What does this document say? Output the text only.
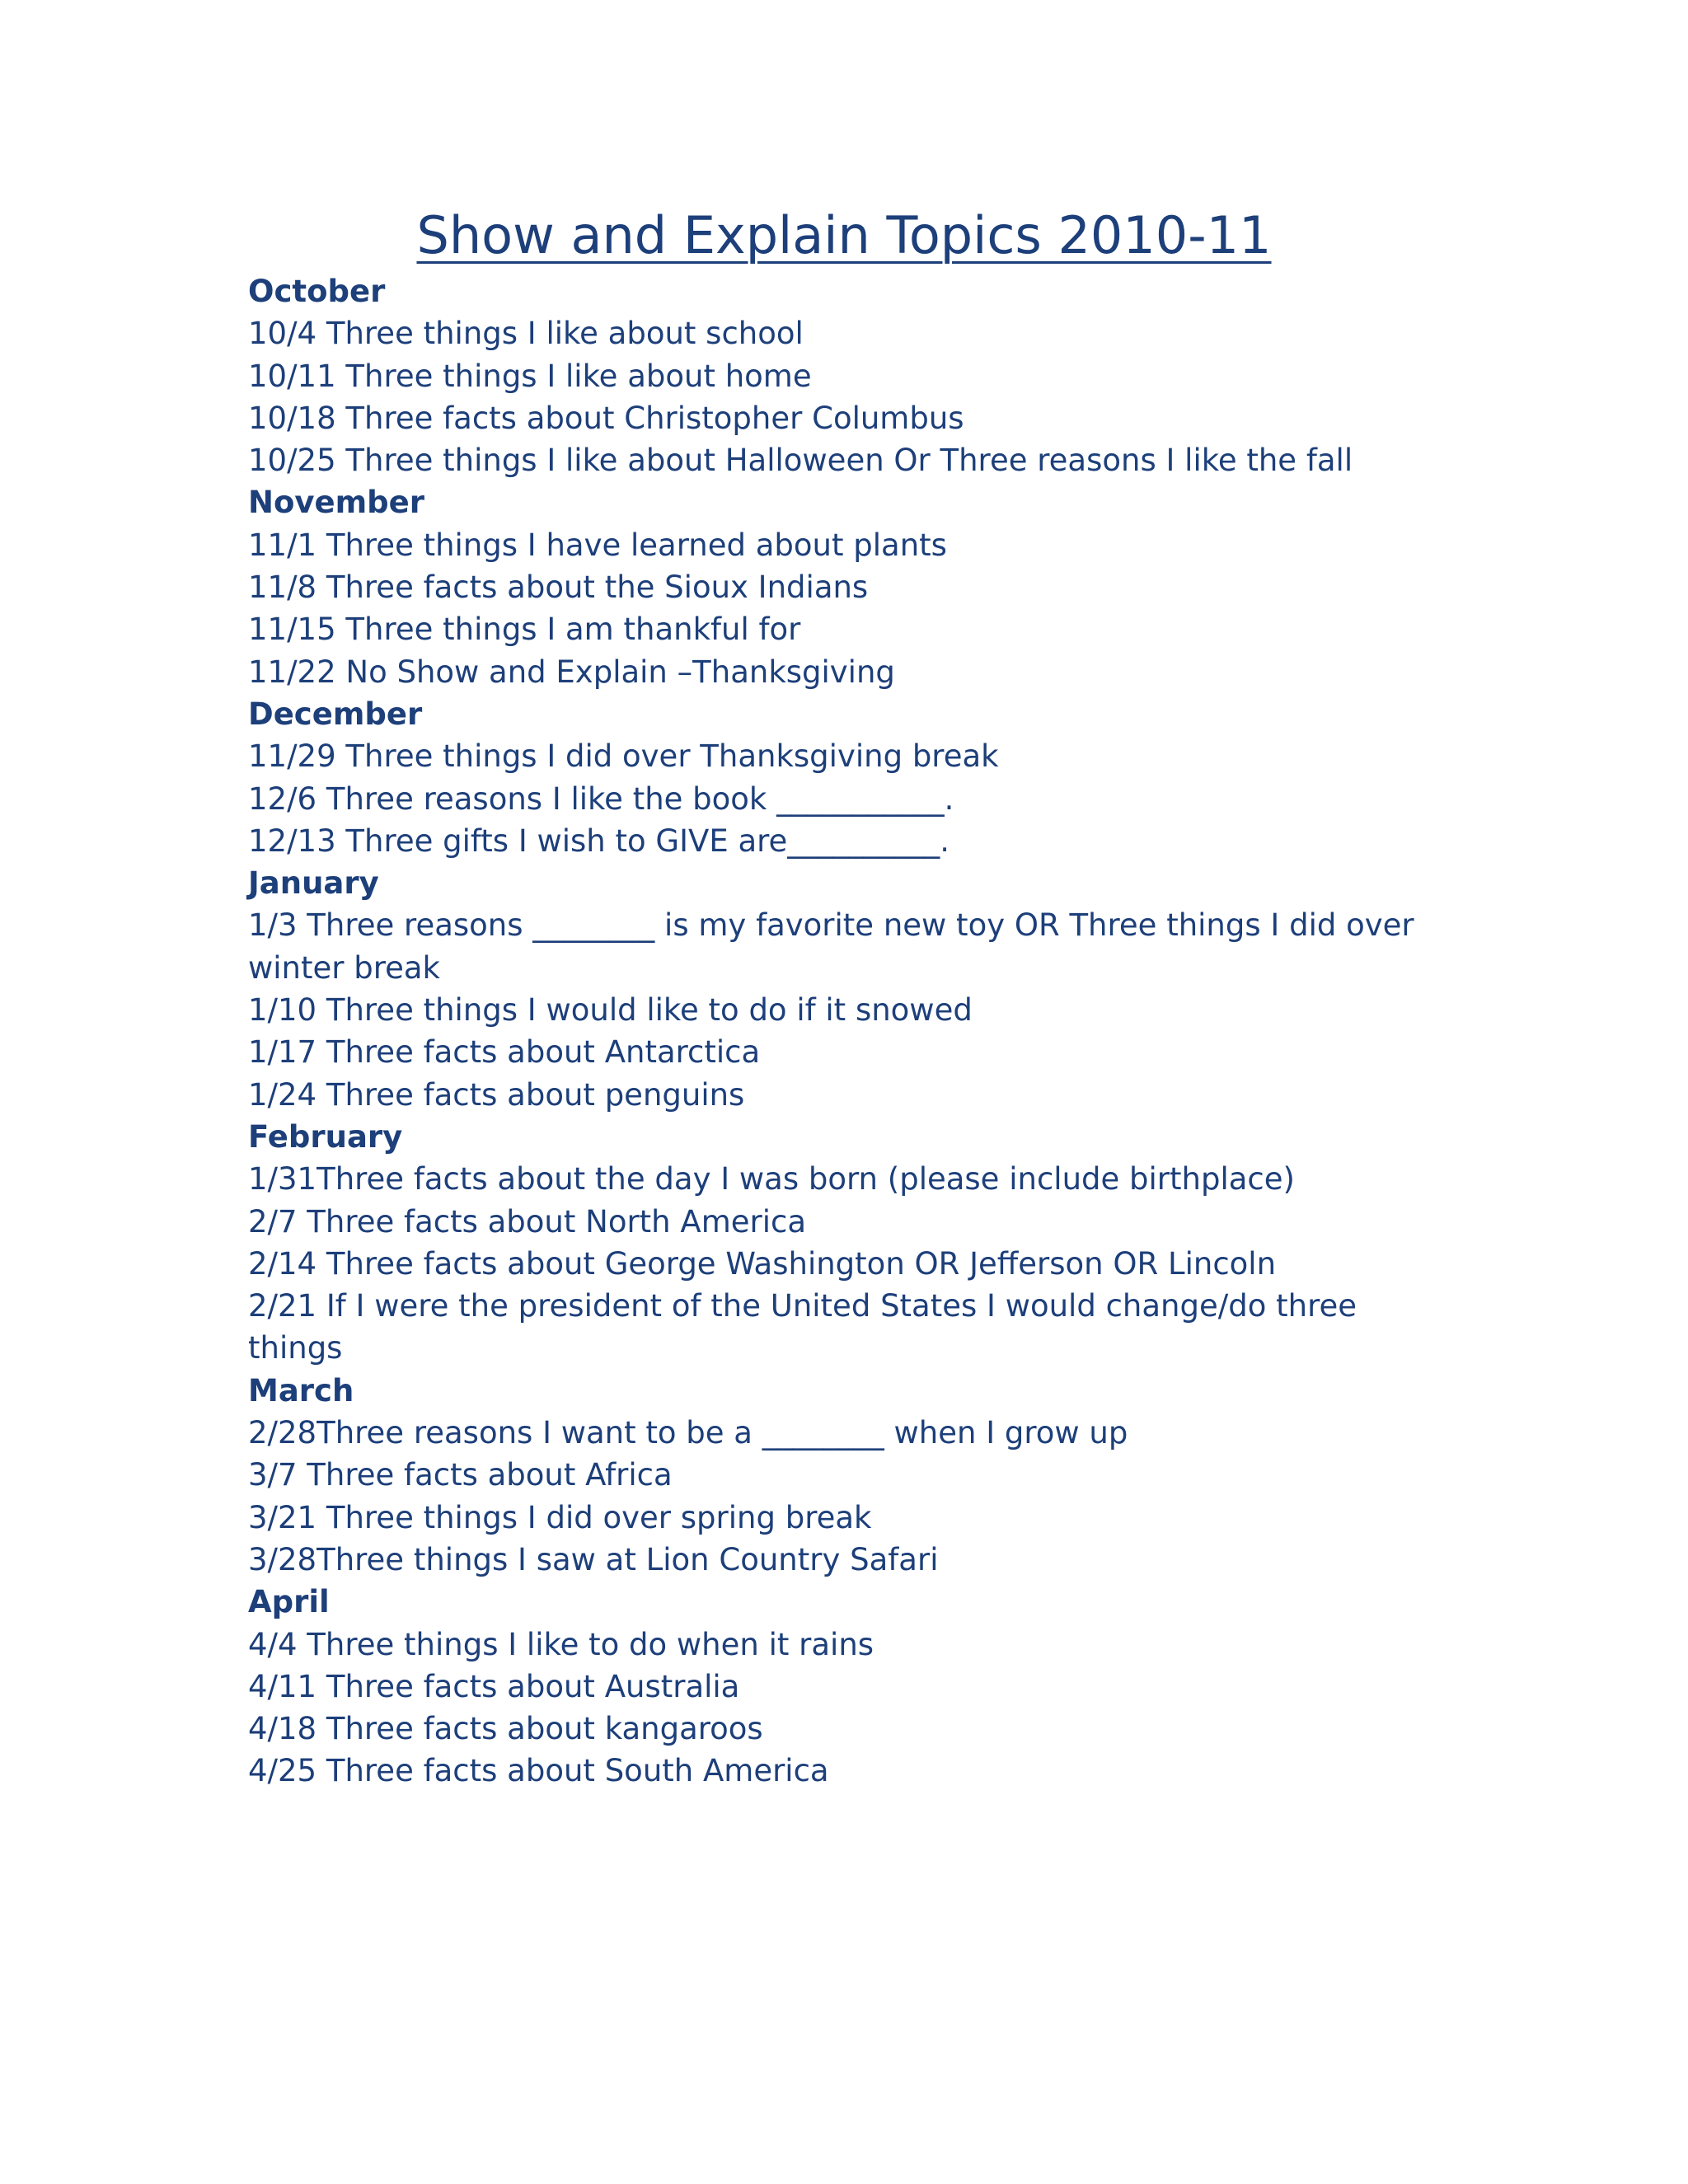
Show and Explain Topics 2010-11
October
10/4 Three things I like about school
10/11 Three things I like about home
10/18 Three facts about Christopher Columbus
10/25 Three things I like about Halloween Or Three reasons I like the fall
November
11/1 Three things I have learned about plants
11/8 Three facts about the Sioux Indians
11/15 Three things I am thankful for
11/22 No Show and Explain –Thanksgiving
December
11/29 Three things I did over Thanksgiving break
12/6 Three reasons I like the book ___________.
12/13 Three gifts I wish to GIVE are__________.
January
1/3 Three reasons ________ is my favorite new toy OR Three things I did over winter break
1/10 Three things I would like to do if it snowed
1/17 Three facts about Antarctica
1/24 Three facts about penguins
February
1/31Three facts about the day I was born (please include birthplace)
2/7 Three facts about North America
2/14 Three facts about George Washington OR Jefferson OR Lincoln
2/21 If I were the president of the United States I would change/do three things
March
2/28Three reasons I want to be a ________ when I grow up
3/7 Three facts about Africa
3/21 Three things I did over spring break
3/28Three things I saw at Lion Country Safari
April
4/4 Three things I like to do when it rains
4/11 Three facts about Australia
4/18 Three facts about kangaroos
4/25 Three facts about South America
